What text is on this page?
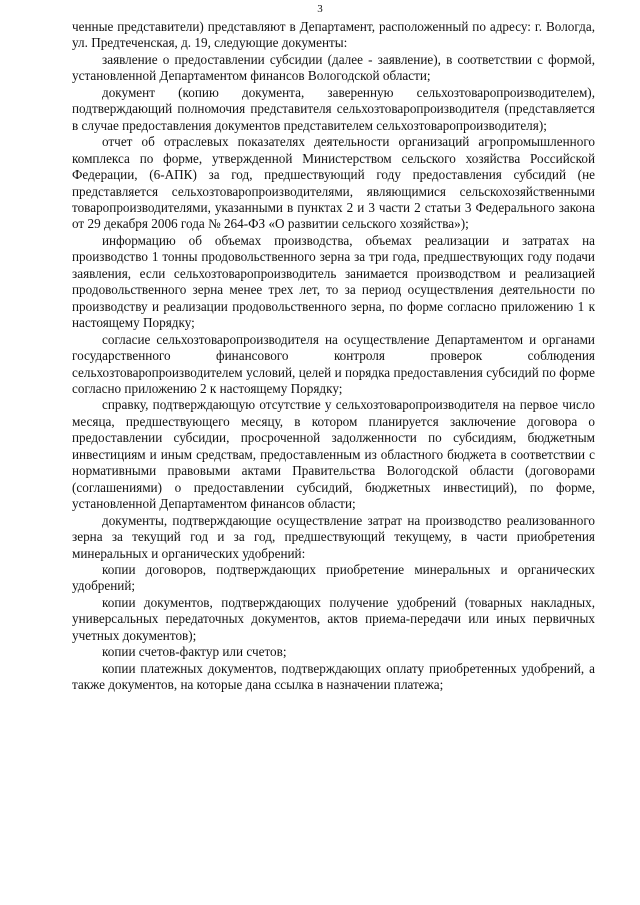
3

ченные представители) представляют в Департамент, расположенный по адресу: г. Вологда, ул. Предтеченская, д. 19, следующие документы:

заявление о предоставлении субсидии (далее - заявление), в соответствии с формой, установленной Департаментом финансов Вологодской области;

документ (копию документа, заверенную сельхозтоваропроизводителем), подтверждающий полномочия представителя сельхозтоваропроизводителя (представляется в случае предоставления документов представителем сельхозтоваропроизводителя);

отчет об отраслевых показателях деятельности организаций агропромышленного комплекса по форме, утвержденной Министерством сельского хозяйства Российской Федерации, (6-АПК) за год, предшествующий году предоставления субсидий (не представляется сельхозтоваропроизводителями, являющимися сельскохозяйственными товаропроизводителями, указанными в пунктах 2 и 3 части 2 статьи 3 Федерального закона от 29 декабря 2006 года № 264-ФЗ «О развитии сельского хозяйства»);

информацию об объемах производства, объемах реализации и затратах на производство 1 тонны продовольственного зерна за три года, предшествующих году подачи заявления, если сельхозтоваропроизводитель занимается производством и реализацией продовольственного зерна менее трех лет, то за период осуществления деятельности по производству и реализации продовольственного зерна, по форме согласно приложению 1 к настоящему Порядку;

согласие сельхозтоваропроизводителя на осуществление Департаментом и органами государственного финансового контроля проверок соблюдения сельхозтоваропроизводителем условий, целей и порядка предоставления субсидий по форме согласно приложению 2 к настоящему Порядку;

справку, подтверждающую отсутствие у сельхозтоваропроизводителя на первое число месяца, предшествующего месяцу, в котором планируется заключение договора о предоставлении субсидии, просроченной задолженности по субсидиям, бюджетным инвестициям и иным средствам, предоставленным из областного бюджета в соответствии с нормативными правовыми актами Правительства Вологодской области (договорами (соглашениями) о предоставлении субсидий, бюджетных инвестиций), по форме, установленной Департаментом финансов области;

документы, подтверждающие осуществление затрат на производство реализованного зерна за текущий год и за год, предшествующий текущему, в части приобретения минеральных и органических удобрений:

копии договоров, подтверждающих приобретение минеральных и органических удобрений;

копии документов, подтверждающих получение удобрений (товарных накладных, универсальных передаточных документов, актов приема-передачи или иных первичных учетных документов);

копии счетов-фактур или счетов;

копии платежных документов, подтверждающих оплату приобретенных удобрений, а также документов, на которые дана ссылка в назначении платежа;
